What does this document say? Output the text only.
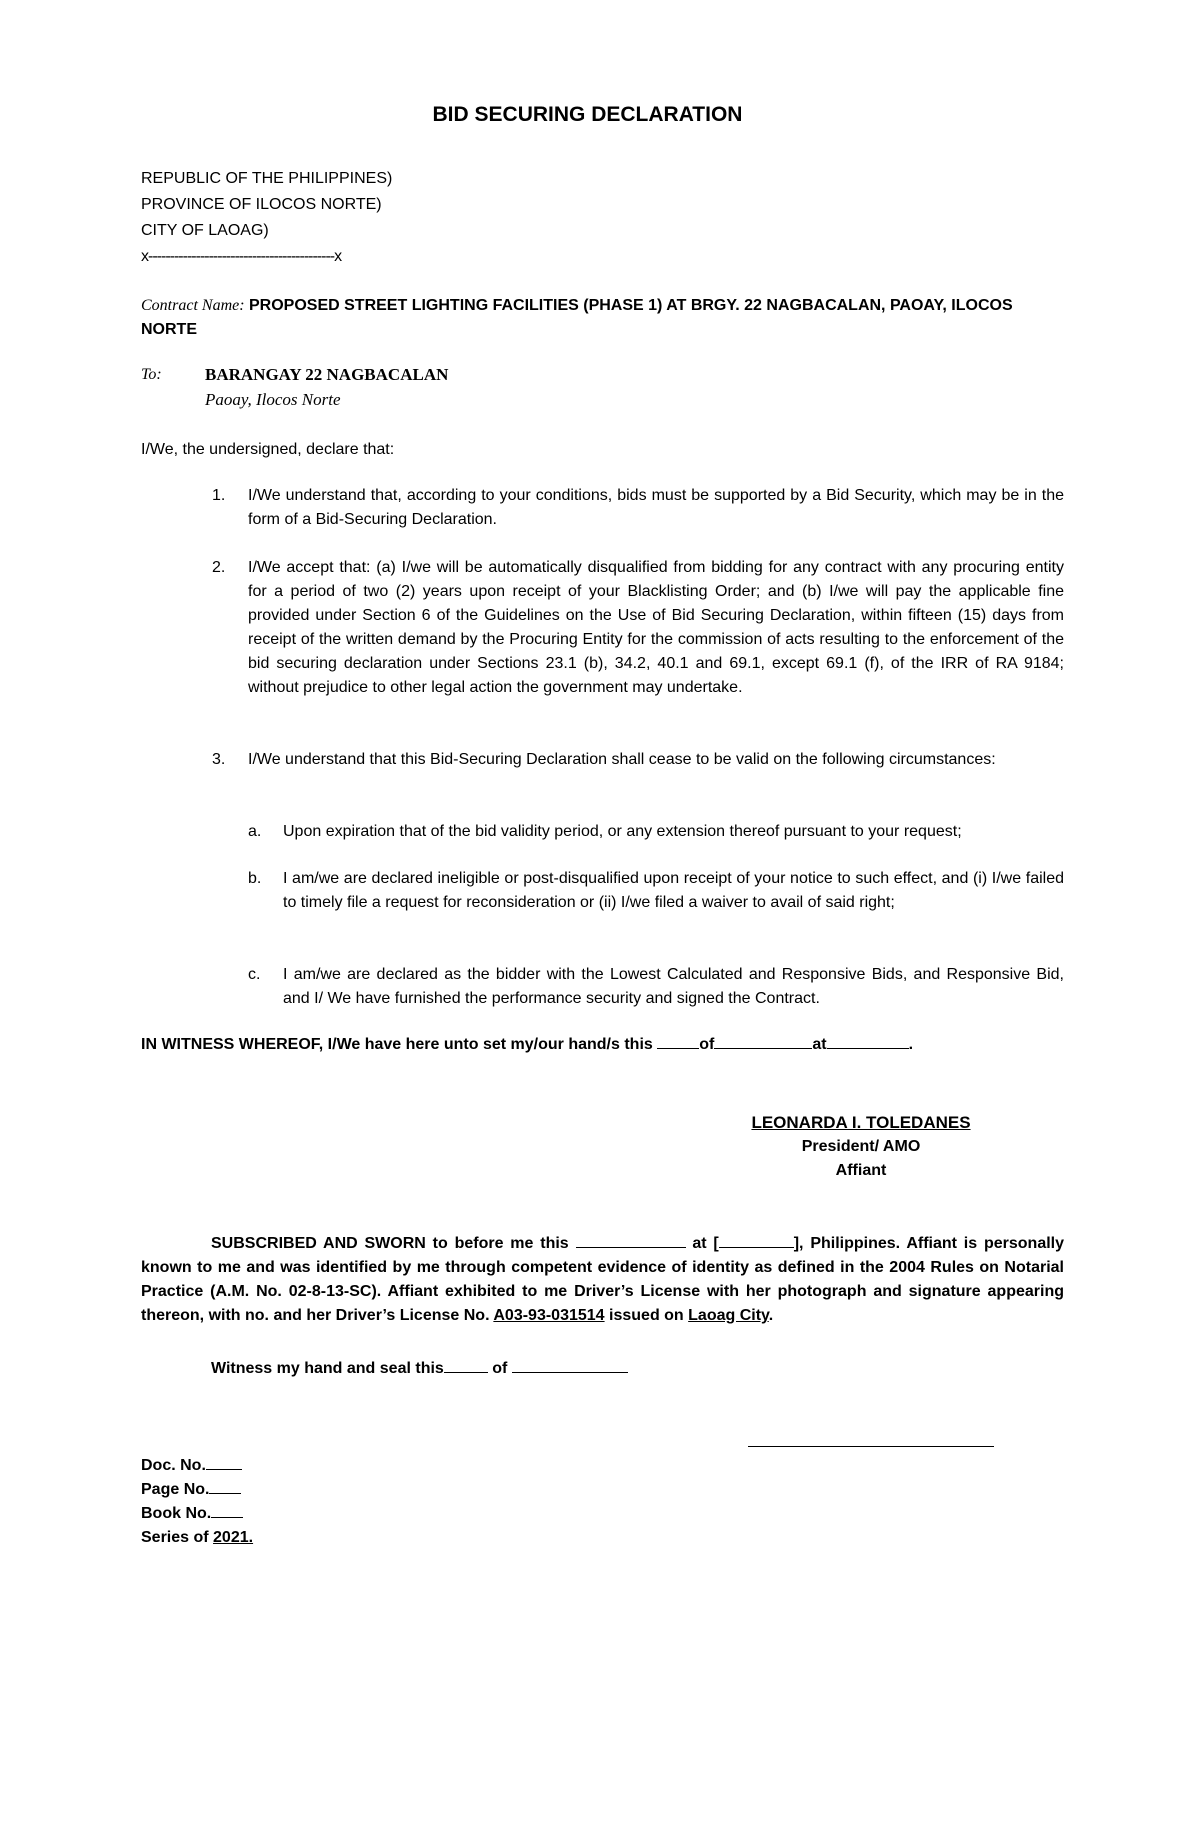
BID SECURING DECLARATION
REPUBLIC OF THE PHILIPPINES)
PROVINCE OF ILOCOS NORTE)
CITY OF LAOAG)
x-------------------------------------------x
Contract Name: PROPOSED STREET LIGHTING FACILITIES (PHASE 1) AT BRGY. 22 NAGBACALAN, PAOAY, ILOCOS NORTE
To:	BARANGAY 22 NAGBACALAN
Paoay, Ilocos Norte
I/We, the undersigned, declare that:
1. I/We understand that, according to your conditions, bids must be supported by a Bid Security, which may be in the form of a Bid-Securing Declaration.
2. I/We accept that: (a) I/we will be automatically disqualified from bidding for any contract with any procuring entity for a period of two (2) years upon receipt of your Blacklisting Order; and (b) I/we will pay the applicable fine provided under Section 6 of the Guidelines on the Use of Bid Securing Declaration, within fifteen (15) days from receipt of the written demand by the Procuring Entity for the commission of acts resulting to the enforcement of the bid securing declaration under Sections 23.1 (b), 34.2, 40.1 and 69.1, except 69.1 (f), of the IRR of RA 9184; without prejudice to other legal action the government may undertake.
3. I/We understand that this Bid-Securing Declaration shall cease to be valid on the following circumstances:
a. Upon expiration that of the bid validity period, or any extension thereof pursuant to your request;
b. I am/we are declared ineligible or post-disqualified upon receipt of your notice to such effect, and (i) I/we failed to timely file a request for reconsideration or (ii) I/we filed a waiver to avail of said right;
c. I am/we are declared as the bidder with the Lowest Calculated and Responsive Bids, and Responsive Bid, and I/ We have furnished the performance security and signed the Contract.
IN WITNESS WHEREOF, I/We have here unto set my/our hand/s this	of	at	.
LEONARDA I. TOLEDANES
President/ AMO
Affiant
SUBSCRIBED AND SWORN to before me this	at [	], Philippines. Affiant is personally known to me and was identified by me through competent evidence of identity as defined in the 2004 Rules on Notarial Practice (A.M. No. 02-8-13-SC). Affiant exhibited to me Driver’s License with her photograph and signature appearing thereon, with no. and her Driver’s License No. A03-93-031514 issued on Laoag City.
Witness my hand and seal this	of
Doc. No.
Page No.
Book No.
Series of 2021.
